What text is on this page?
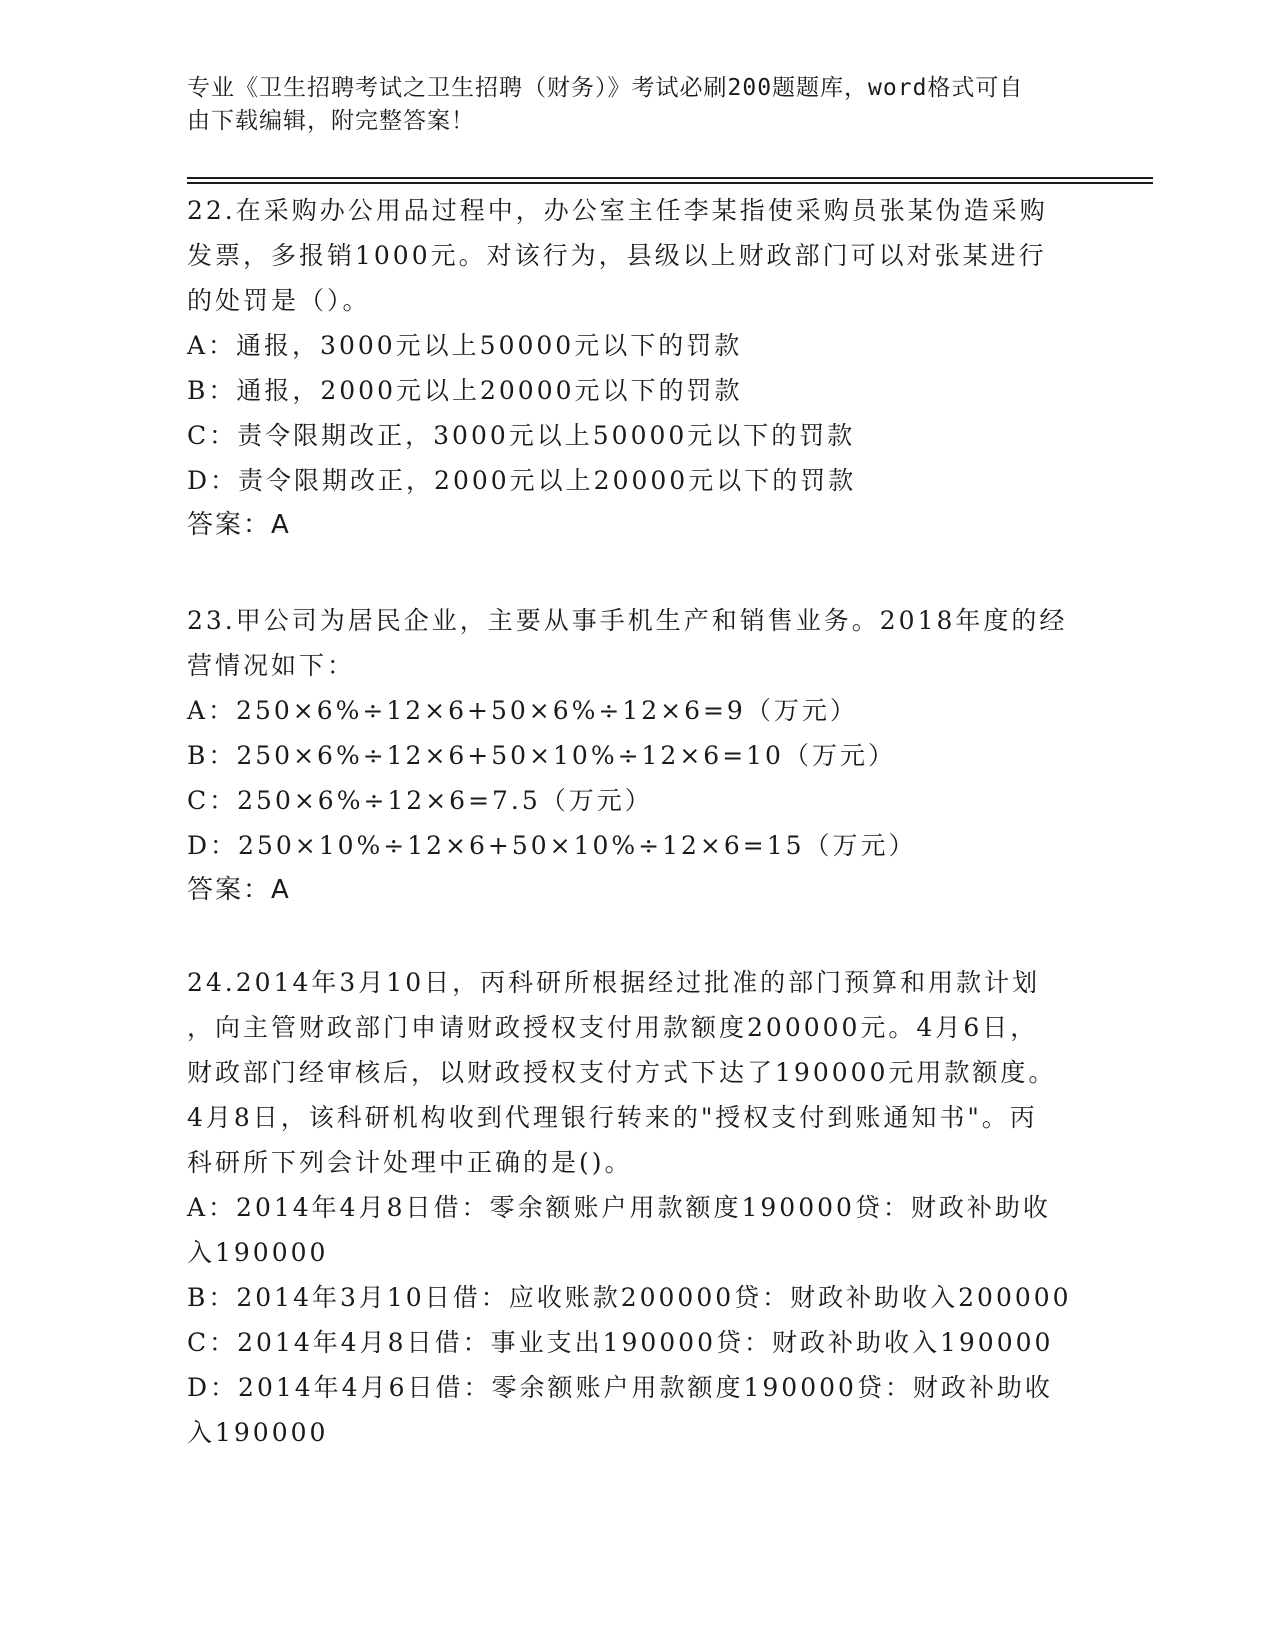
专业《卫生招聘考试之卫生招聘（财务）》考试必刷200题题库，word格式可自
由下载编辑，附完整答案！

22.在采购办公用品过程中，办公室主任李某指使采购员张某伪造采购

发票，多报销1000元。对该行为，县级以上财政部门可以对张某进行

的处罚是（）。

A：通报，3000元以上50000元以下的罚款

B：通报，2000元以上20000元以下的罚款

C：责令限期改正，3000元以上50000元以下的罚款

D：责令限期改正，2000元以上20000元以下的罚款

答案：A

23.甲公司为居民企业，主要从事手机生产和销售业务。2018年度的经

营情况如下：

A：250×6%÷12×6+50×6%÷12×6=9（万元）

B：250×6%÷12×6+50×10%÷12×6=10（万元）

C：250×6%÷12×6=7.5（万元）

D：250×10%÷12×6+50×10%÷12×6=15（万元）

答案：A

24.2014年3月10日，丙科研所根据经过批准的部门预算和用款计划

，向主管财政部门申请财政授权支付用款额度200000元。4月6日，

财政部门经审核后，以财政授权支付方式下达了190000元用款额度。

4月8日，该科研机构收到代理银行转来的"授权支付到账通知书"。丙

科研所下列会计处理中正确的是()。

A：2014年4月8日借：零余额账户用款额度190000贷：财政补助收

入190000

B：2014年3月10日借：应收账款200000贷：财政补助收入200000

C：2014年4月8日借：事业支出190000贷：财政补助收入190000

D：2014年4月6日借：零余额账户用款额度190000贷：财政补助收

入190000
